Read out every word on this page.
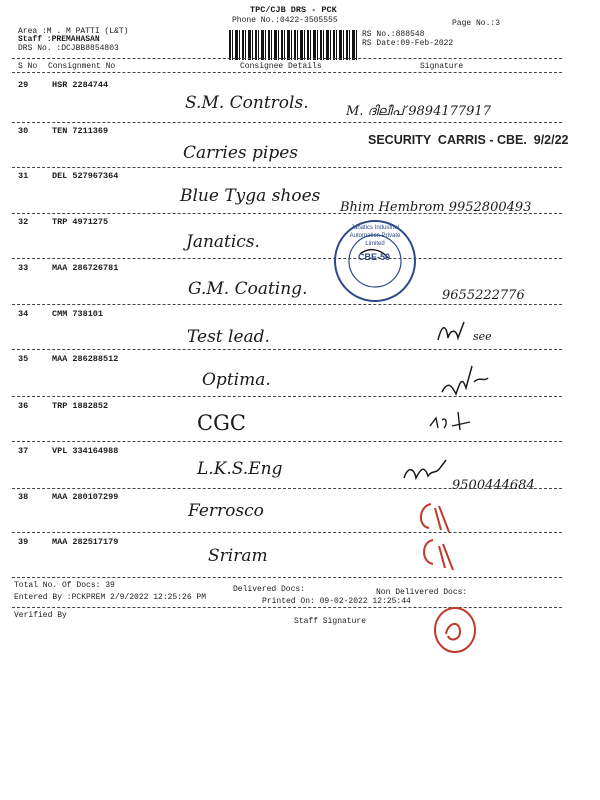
TPC/CJB DRS - PCK
Phone No.:0422-3505555	Page No.:3
Area :M . M PATTI (L&T)
Staff :PREMAHASAN
DRS No. :DCJBB8854803
RS No.:888548
RS Date:09-Feb-2022
S No Consignment No	Consignee Details	Signature
29	HSR 2284744
S.M. Controls.	M. ദിലീപ് 9894177917
30	TEN 7211369
Carries pipes
SECURITY  CARRIS - CBE.  9/2/22
31	DEL 527967364
Blue Tyga shoes
Bhim Hembrom 9952800493
32	TRP 4971275
Janatics.
33	MAA 286726781
G.M. Coating.	9655222776
34	CMM 738101
Test lead.	see
35	MAA 286288512
Optima.
36	TRP 1882852
CGC
37	VPL 334164988
L.K.S.Eng
9500444684
38	MAA 280107299
Ferrosco
39	MAA 282517179
Sriram
Janatics Industrial Automation Private Limited
CBE-50
Total No. Of Docs: 39	Delivered Docs:	Non Delivered Docs:
Entered By :PCKPREM 2/9/2022 12:25:26 PM	Printed On: 09-02-2022 12:25:44
Verified By
Staff Signature
